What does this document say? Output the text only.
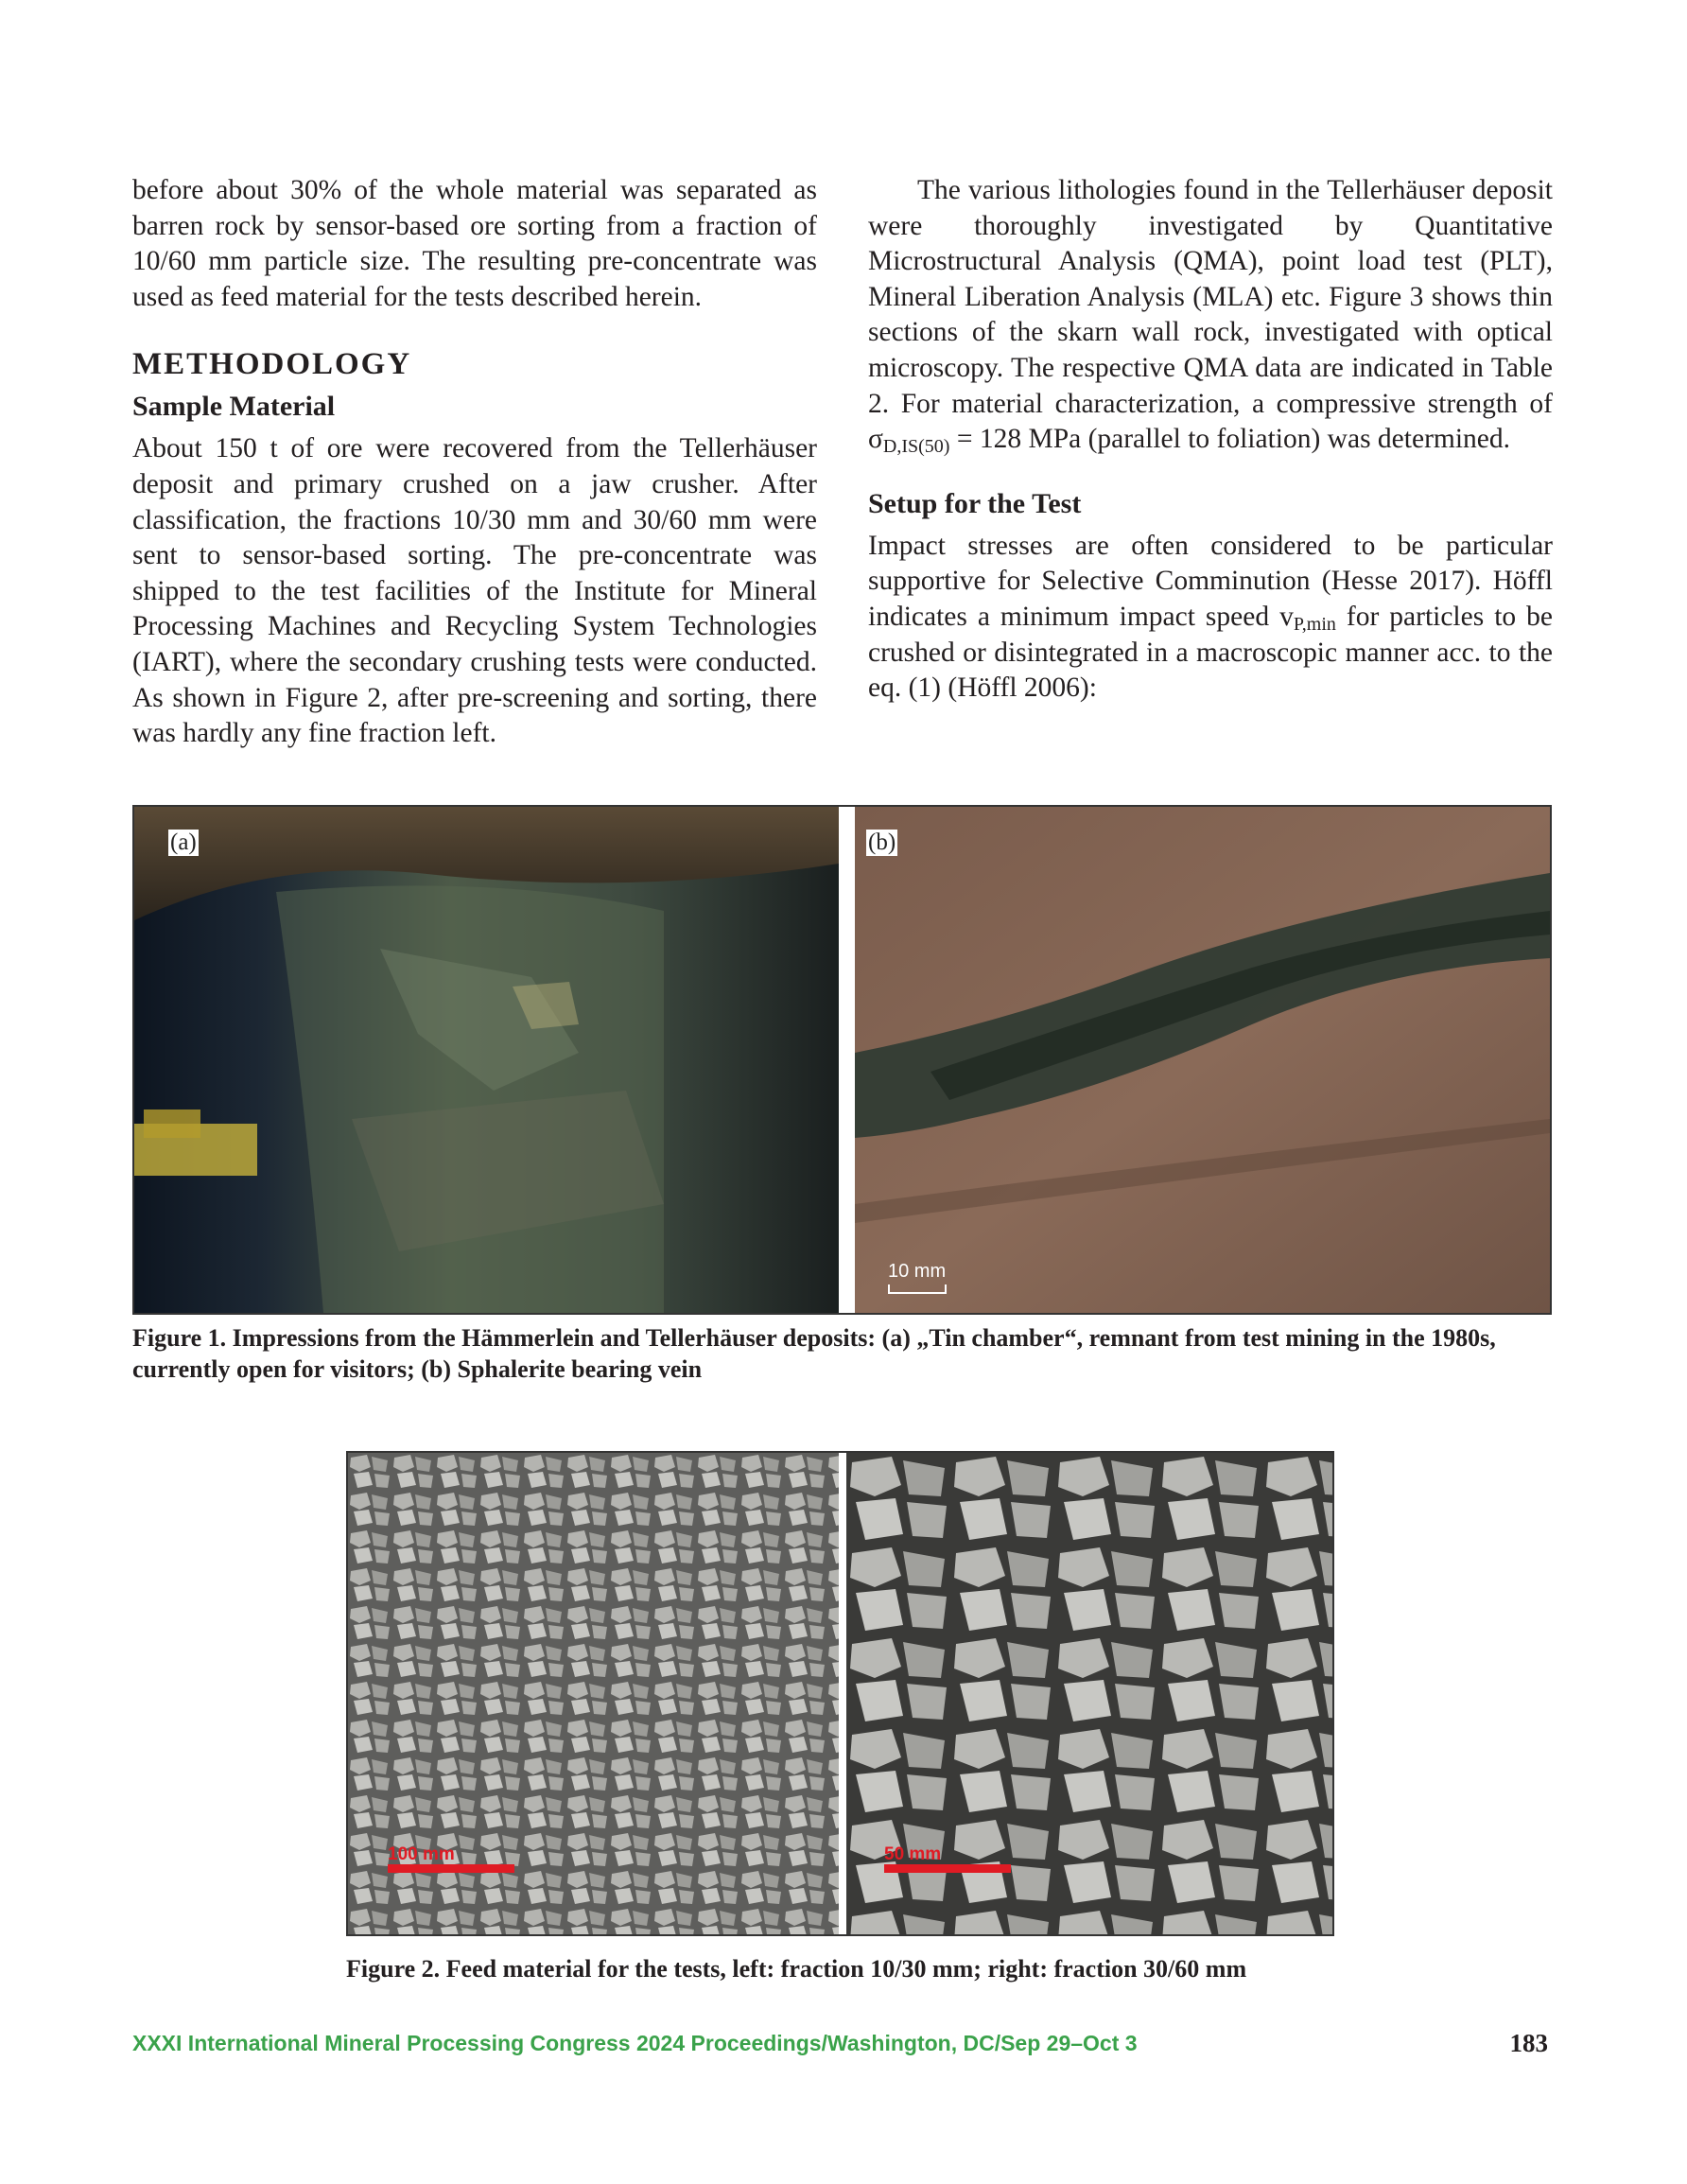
before about 30% of the whole material was separated as barren rock by sensor-based ore sorting from a fraction of 10/60 mm particle size. The resulting pre-concentrate was used as feed material for the tests described herein.

METHODOLOGY
Sample Material

About 150 t of ore were recovered from the Tellerhäuser deposit and primary crushed on a jaw crusher. After classification, the fractions 10/30 mm and 30/60 mm were sent to sensor-based sorting. The pre-concentrate was shipped to the test facilities of the Institute for Mineral Processing Machines and Recycling System Technologies (IART), where the secondary crushing tests were conducted. As shown in Figure 2, after pre-screening and sorting, there was hardly any fine fraction left.

The various lithologies found in the Tellerhäuser deposit were thoroughly investigated by Quantitative Microstructural Analysis (QMA), point load test (PLT), Mineral Liberation Analysis (MLA) etc. Figure 3 shows thin sections of the skarn wall rock, investigated with optical microscopy. The respective QMA data are indicated in Table 2. For material characterization, a compressive strength of $\sigma_{D,IS(50)} = 128$ MPa (parallel to foliation) was determined.

Setup for the Test

Impact stresses are often considered to be particular supportive for Selective Comminution (Hesse 2017). Höffl indicates a minimum impact speed $v_{P,min}$ for particles to be crushed or disintegrated in a macroscopic manner acc. to the eq. (1) (Höffl 2006):

(a)	(b)
10 mm
Figure 1. Impressions from the Hämmerlein and Tellerhäuser deposits: (a) „Tin chamber“, remnant from test mining in the 1980s, currently open for visitors; (b) Sphalerite bearing vein
100 mm	50 mm
Figure 2. Feed material for the tests, left: fraction 10/30 mm; right: fraction 30/60 mm
XXXI International Mineral Processing Congress 2024 Proceedings/Washington, DC/Sep 29–Oct 3	183
